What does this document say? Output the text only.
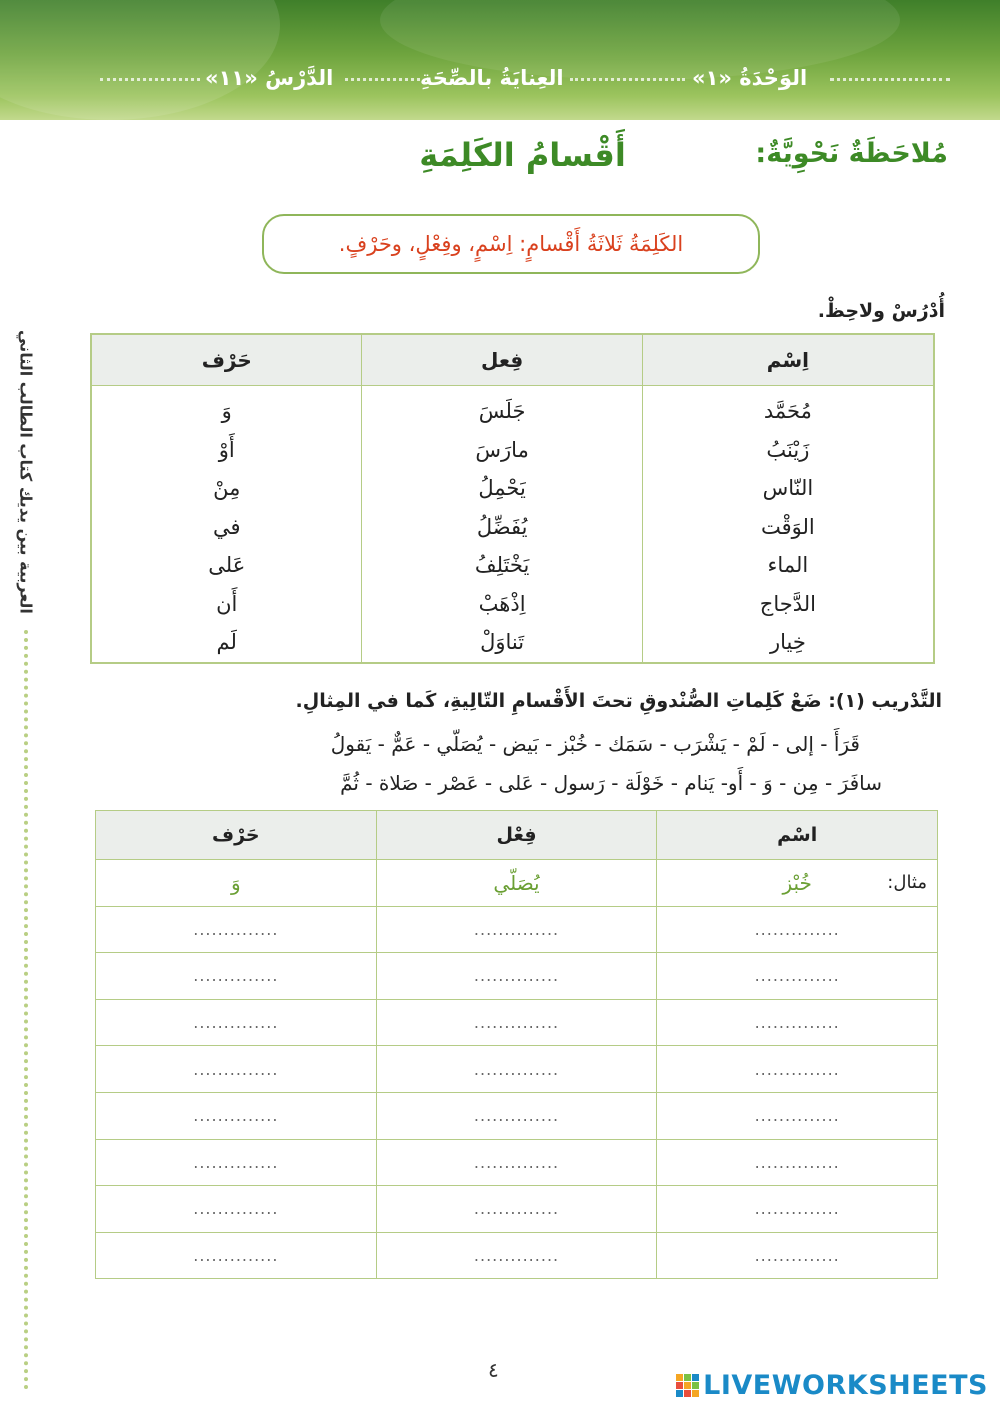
الوَحْدَةُ «١»
العِنايَةُ بالصِّحَةِ
الدَّرْسُ «١١»
العربية بين يديك كتاب الطالب الثاني
مُلاحَظَةٌ نَحْوِيَّةٌ:
أَقْسامُ الكَلِمَةِ
الكَلِمَةُ ثَلاثَةُ أَقْسامٍ: اِسْمٍ، وفِعْلٍ، وحَرْفٍ.
أُدْرُسْ ولاحِظْ.
اِسْم	فِعل	حَرْف
مُحَمَّد	جَلَسَ	وَ
زَيْنَبُ	مارَسَ	أَوْ
النّاس	يَحْمِلُ	مِنْ
الوَقْت	يُفَضِّلُ	في
الماء	يَخْتَلِفُ	عَلى
الدَّجاج	اِذْهَبْ	أَن
خِيار	تَناوَلْ	لَم
التَّدْريب (١): ضَعْ كَلِماتِ الصُّنْدوقِ تحتَ الأَقْسامِ التّالِيةِ، كَما في المِثالِ.
قَرَأَ - إلى - لَمْ - يَشْرَب - سَمَك - خُبْز - بَيض - يُصَلّي - عَمٌّ - يَقولُ
سافَرَ - مِن - وَ - أَو- يَنام - خَوْلَة - رَسول - عَلى - عَصْر - صَلاة - ثُمَّ
اسْم	فِعْل	حَرْف

مثال:
خُبْز	يُصَلّي	وَ
..............	..............	..............
..............	..............	..............
..............	..............	..............
..............	..............	..............
..............	..............	..............
..............	..............	..............
..............	..............	..............
..............	..............	..............
٤	LIVEWORKSHEETS
